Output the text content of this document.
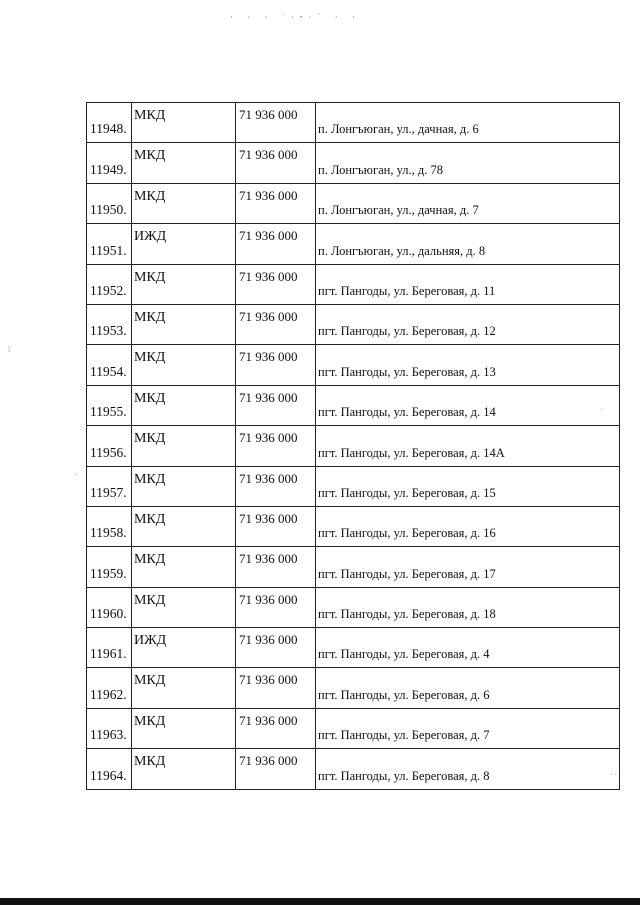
· · · ˙·ꞏ·˙ · ·
⁞
·
·
· ·
11948.	МКД	71 936 000	п. Лонгъюган, ул., дачная, д. 6

11949.	МКД	71 936 000	п. Лонгъюган, ул., д. 78

11950.	МКД	71 936 000	п. Лонгъюган, ул., дачная, д. 7

11951.	ИЖД	71 936 000	п. Лонгъюган, ул., дальняя, д. 8

11952.	МКД	71 936 000	пгт. Пангоды, ул. Береговая, д. 11

11953.	МКД	71 936 000	пгт. Пангоды, ул. Береговая, д. 12

11954.	МКД	71 936 000	пгт. Пангоды, ул. Береговая, д. 13

11955.	МКД	71 936 000	пгт. Пангоды, ул. Береговая, д. 14

11956.	МКД	71 936 000	пгт. Пангоды, ул. Береговая, д. 14А

11957.	МКД	71 936 000	пгт. Пангоды, ул. Береговая, д. 15

11958.	МКД	71 936 000	пгт. Пангоды, ул. Береговая, д. 16

11959.	МКД	71 936 000	пгт. Пангоды, ул. Береговая, д. 17

11960.	МКД	71 936 000	пгт. Пангоды, ул. Береговая, д. 18

11961.	ИЖД	71 936 000	пгт. Пангоды, ул. Береговая, д. 4

11962.	МКД	71 936 000	пгт. Пангоды, ул. Береговая, д. 6

11963.	МКД	71 936 000	пгт. Пангоды, ул. Береговая, д. 7

11964.	МКД	71 936 000	пгт. Пангоды, ул. Береговая, д. 8
